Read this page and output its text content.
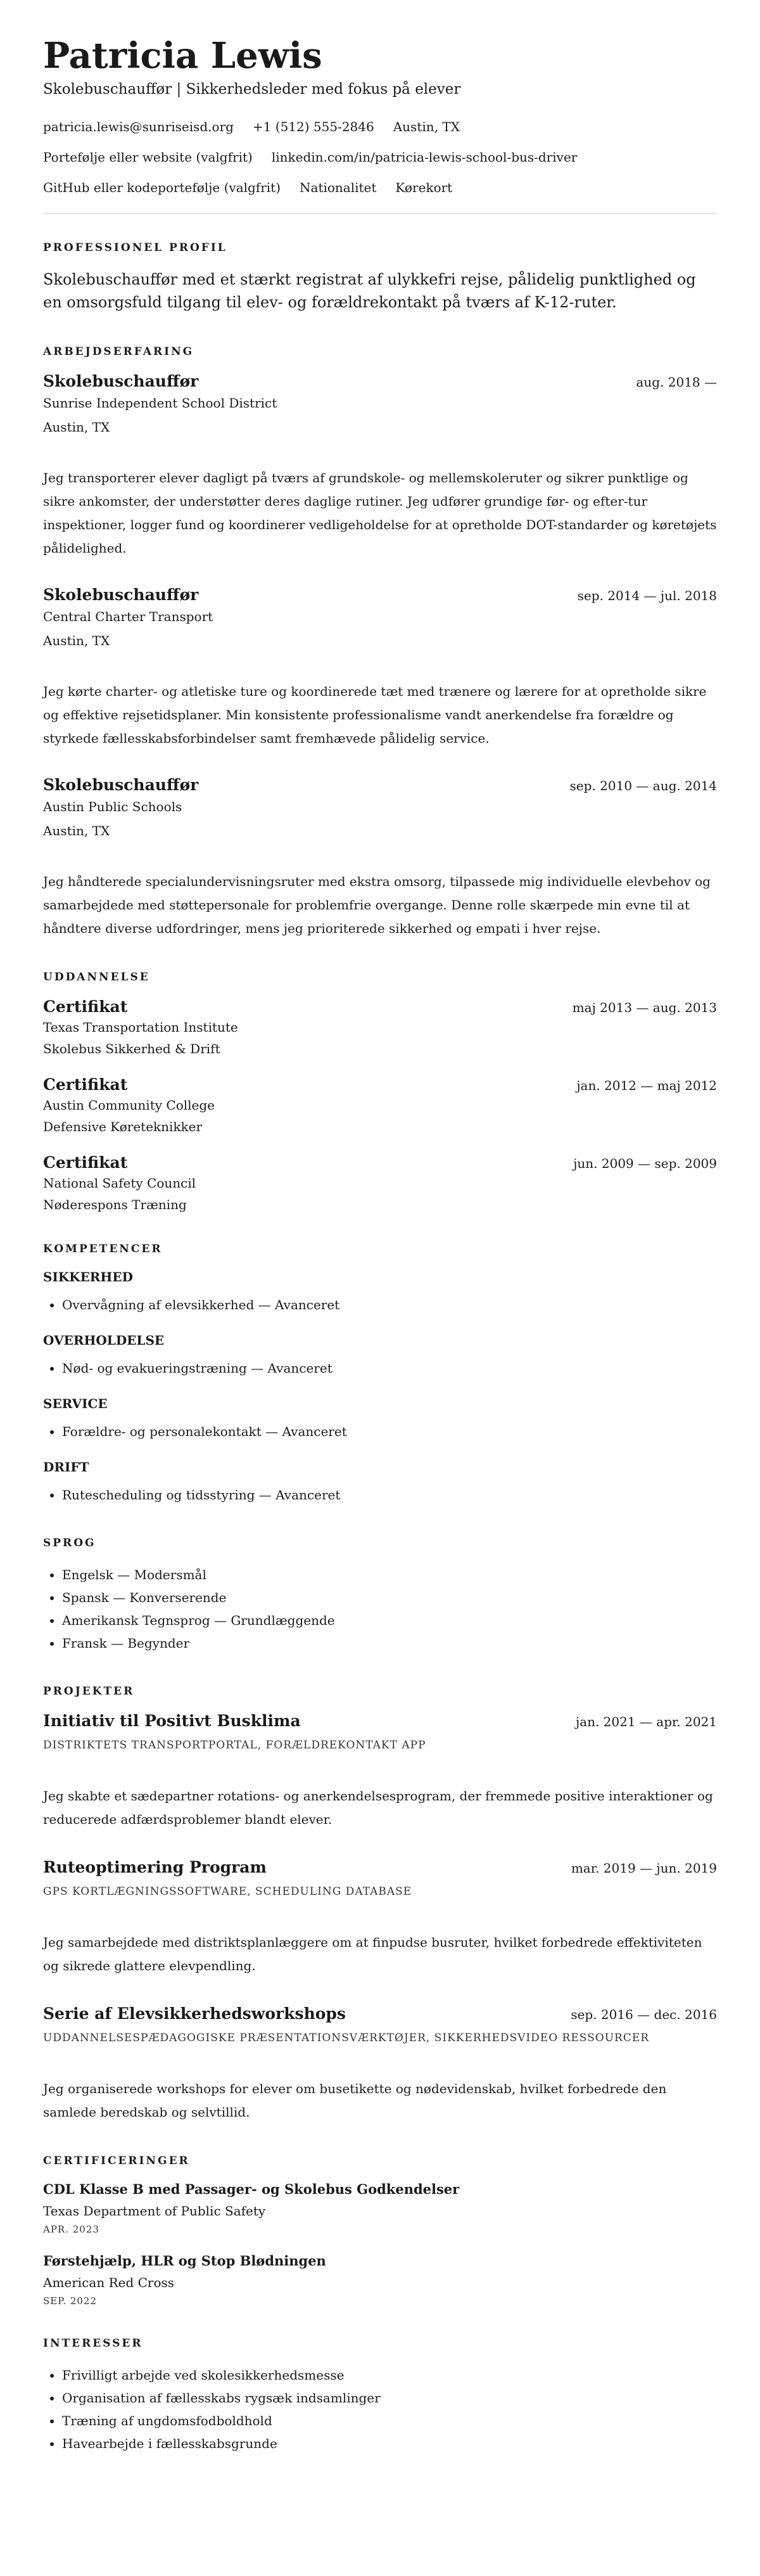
Patricia Lewis
Skolebuschauffør | Sikkerhedsleder med fokus på elever
patricia.lewis@sunriseisd.org +1 (512) 555-2846 Austin, TX
Portefølje eller website (valgfrit) linkedin.com/in/patricia-lewis-school-bus-driver
GitHub eller kodeportefølje (valgfrit) Nationalitet Kørekort
PROFESSIONEL PROFIL
Skolebuschauffør med et stærkt registrat af ulykkefri rejse, pålidelig punktlighed og en omsorgsfuld tilgang til elev- og forældrekontakt på tværs af K-12-ruter.
ARBEJDSERFARING
Skolebuschauffør	aug. 2018 —
Sunrise Independent School District
Austin, TX
Jeg transporterer elever dagligt på tværs af grundskole- og mellemskoleruter og sikrer punktlige og sikre ankomster, der understøtter deres daglige rutiner. Jeg udfører grundige før- og efter-tur inspektioner, logger fund og koordinerer vedligeholdelse for at opretholde DOT-standarder og køretøjets pålidelighed.
Skolebuschauffør	sep. 2014 — jul. 2018
Central Charter Transport
Austin, TX
Jeg kørte charter- og atletiske ture og koordinerede tæt med trænere og lærere for at opretholde sikre og effektive rejsetidsplaner. Min konsistente professionalisme vandt anerkendelse fra forældre og styrkede fællesskabsforbindelser samt fremhævede pålidelig service.
Skolebuschauffør	sep. 2010 — aug. 2014
Austin Public Schools
Austin, TX
Jeg håndterede specialundervisningsruter med ekstra omsorg, tilpassede mig individuelle elevbehov og samarbejdede med støttepersonale for problemfrie overgange. Denne rolle skærpede min evne til at håndtere diverse udfordringer, mens jeg prioriterede sikkerhed og empati i hver rejse.
UDDANNELSE
Certifikat	maj 2013 — aug. 2013
Texas Transportation Institute
Skolebus Sikkerhed & Drift
Certifikat	jan. 2012 — maj 2012
Austin Community College
Defensive Køreteknikker
Certifikat	jun. 2009 — sep. 2009
National Safety Council
Nøderespons Træning
KOMPETENCER
SIKKERHED
• Overvågning af elevsikkerhed — Avanceret
OVERHOLDELSE
• Nød- og evakueringstræning — Avanceret
SERVICE
• Forældre- og personalekontakt — Avanceret
DRIFT
• Rutescheduling og tidsstyring — Avanceret
SPROG
• Engelsk — Modersmål
• Spansk — Konverserende
• Amerikansk Tegnsprog — Grundlæggende
• Fransk — Begynder
PROJEKTER
Initiativ til Positivt Busklima	jan. 2021 — apr. 2021
DISTRIKTETS TRANSPORTPORTAL, FORÆLDREKONTAKT APP
Jeg skabte et sædepartner rotations- og anerkendelsesprogram, der fremmede positive interaktioner og reducerede adfærdsproblemer blandt elever.
Ruteoptimering Program	mar. 2019 — jun. 2019
GPS KORTLÆGNINGSSOFTWARE, SCHEDULING DATABASE
Jeg samarbejdede med distriktsplanlæggere om at finpudse busruter, hvilket forbedrede effektiviteten og sikrede glattere elevpendling.
Serie af Elevsikkerhedsworkshops	sep. 2016 — dec. 2016
UDDANNELSESPÆDAGOGISKE PRÆSENTATIONSVÆRKTØJER, SIKKERHEDSVIDEO RESSOURCER
Jeg organiserede workshops for elever om busetikette og nødevidenskab, hvilket forbedrede den samlede beredskab og selvtillid.
CERTIFICERINGER
CDL Klasse B med Passager- og Skolebus Godkendelser
Texas Department of Public Safety
APR. 2023
Førstehjælp, HLR og Stop Blødningen
American Red Cross
SEP. 2022
INTERESSER
• Frivilligt arbejde ved skolesikkerhedsmesse
• Organisation af fællesskabs rygsæk indsamlinger
• Træning af ungdomsfodboldhold
• Havearbejde i fællesskabsgrunde
